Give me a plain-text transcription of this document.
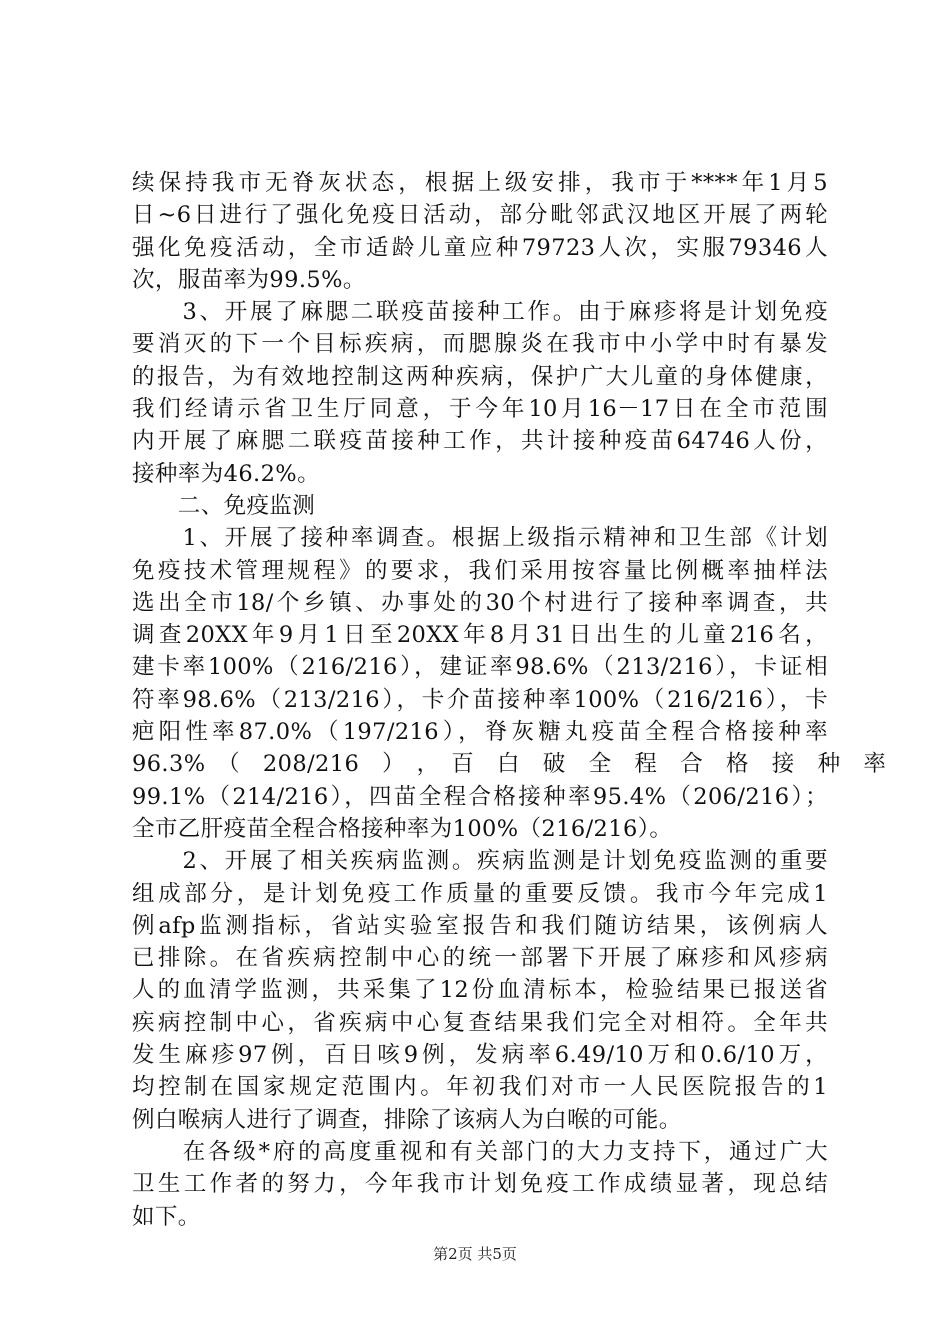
续保持我市无脊灰状态，根据上级安排，我市于****年1月5
日~6日进行了强化免疫日活动，部分毗邻武汉地区开展了两轮
强化免疫活动，全市适龄儿童应种79723人次，实服79346人
次，服苗率为99.5%。
　　3、开展了麻腮二联疫苗接种工作。由于麻疹将是计划免疫
要消灭的下一个目标疾病，而腮腺炎在我市中小学中时有暴发
的报告，为有效地控制这两种疾病，保护广大儿童的身体健康，
我们经请示省卫生厅同意，于今年10月16－17日在全市范围
内开展了麻腮二联疫苗接种工作，共计接种疫苗64746人份，
接种率为46.2%。
　　二、免疫监测
　　1、开展了接种率调查。根据上级指示精神和卫生部《计划
免疫技术管理规程》的要求，我们采用按容量比例概率抽样法
选出全市18/个乡镇、办事处的30个村进行了接种率调查，共
调查20XX年9月1日至20XX年8月31日出生的儿童216名，
建卡率100%（216/216），建证率98.6%（213/216），卡证相
符率98.6%（213/216），卡介苗接种率100%（216/216），卡
疤阳性率87.0%（197/216），脊灰糖丸疫苗全程合格接种率
96.3%　（　208/216　）　，　百　白　破　全　程　合　格　接　种　率
99.1%（214/216），四苗全程合格接种率95.4%（206/216）；
全市乙肝疫苗全程合格接种率为100%（216/216）。
　　2、开展了相关疾病监测。疾病监测是计划免疫监测的重要
组成部分，是计划免疫工作质量的重要反馈。我市今年完成1
例afp监测指标，省站实验室报告和我们随访结果，该例病人
已排除。在省疾病控制中心的统一部署下开展了麻疹和风疹病
人的血清学监测，共采集了12份血清标本，检验结果已报送省
疾病控制中心，省疾病中心复查结果我们完全对相符。全年共
发生麻疹97例，百日咳9例，发病率6.49/10万和0.6/10万，
均控制在国家规定范围内。年初我们对市一人民医院报告的1
例白喉病人进行了调查，排除了该病人为白喉的可能。
　　在各级*府的高度重视和有关部门的大力支持下，通过广大
卫生工作者的努力，今年我市计划免疫工作成绩显著，现总结
如下。
第2页 共5页
